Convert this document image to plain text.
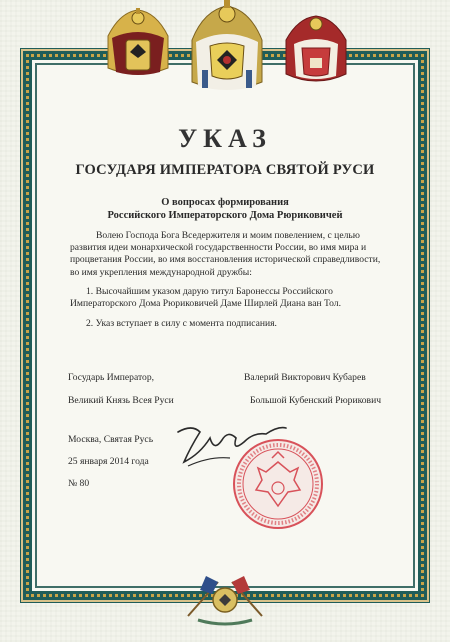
УКАЗ
ГОСУДАРЯ ИМПЕРАТОРА СВЯТОЙ РУСИ
О вопросах формирования
Российского Императорского Дома Рюриковичей
Волею Господа Бога Вседержителя и моим повелением, с целью развития идеи монархической государственности России, во имя мира и процветания России, во имя восстановления исторической справедливости, во имя укрепления международной дружбы:
1. Высочайшим указом дарую титул Баронессы Российского Императорского Дома Рюриковичей Даме Ширлей Диана ван Тол.
2. Указ вступает в силу с момента подписания.
Государь Император,
Великий Князь Всея Руси
Валерий Викторович Кубарев
Большой Кубенский Рюрикович
Москва, Святая Русь
25 января 2014 года
№ 80
